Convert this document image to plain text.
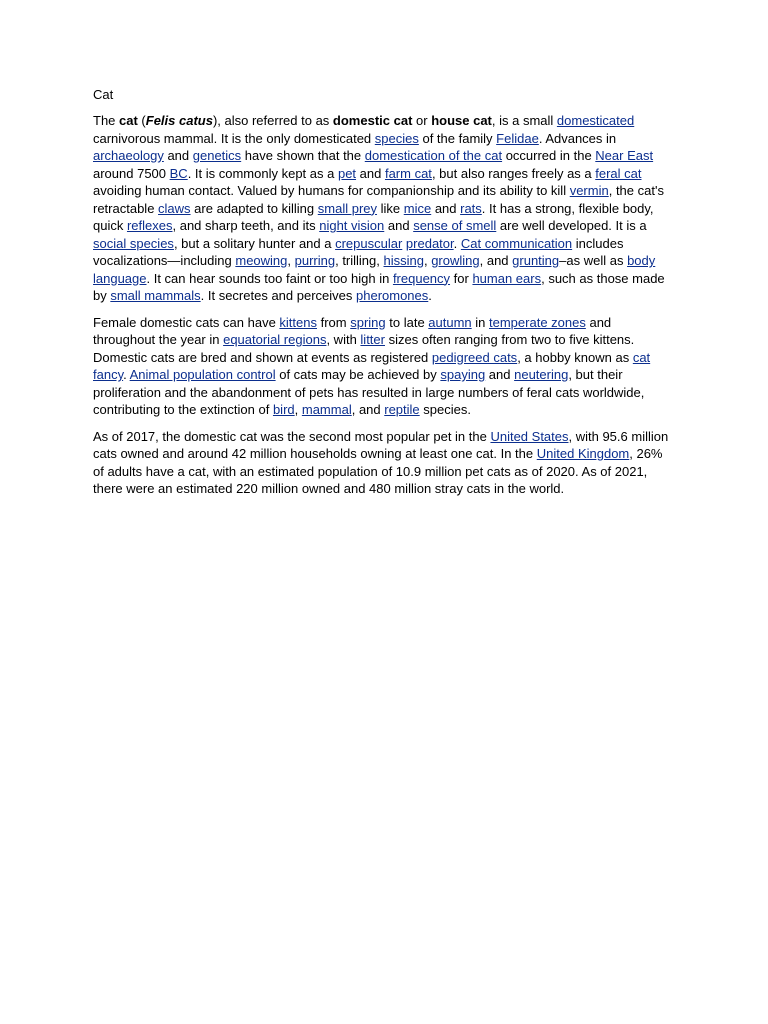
Cat

The cat (Felis catus), also referred to as domestic cat or house cat, is a small domesticated carnivorous mammal. It is the only domesticated species of the family Felidae. Advances in archaeology and genetics have shown that the domestication of the cat occurred in the Near East around 7500 BC. It is commonly kept as a pet and farm cat, but also ranges freely as a feral cat avoiding human contact. Valued by humans for companionship and its ability to kill vermin, the cat's retractable claws are adapted to killing small prey like mice and rats. It has a strong, flexible body, quick reflexes, and sharp teeth, and its night vision and sense of smell are well developed. It is a social species, but a solitary hunter and a crepuscular predator. Cat communication includes vocalizations—including meowing, purring, trilling, hissing, growling, and grunting–as well as body language. It can hear sounds too faint or too high in frequency for human ears, such as those made by small mammals. It secretes and perceives pheromones.

Female domestic cats can have kittens from spring to late autumn in temperate zones and throughout the year in equatorial regions, with litter sizes often ranging from two to five kittens. Domestic cats are bred and shown at events as registered pedigreed cats, a hobby known as cat fancy. Animal population control of cats may be achieved by spaying and neutering, but their proliferation and the abandonment of pets has resulted in large numbers of feral cats worldwide, contributing to the extinction of bird, mammal, and reptile species.

As of 2017, the domestic cat was the second most popular pet in the United States, with 95.6 million cats owned and around 42 million households owning at least one cat. In the United Kingdom, 26% of adults have a cat, with an estimated population of 10.9 million pet cats as of 2020. As of 2021, there were an estimated 220 million owned and 480 million stray cats in the world.
